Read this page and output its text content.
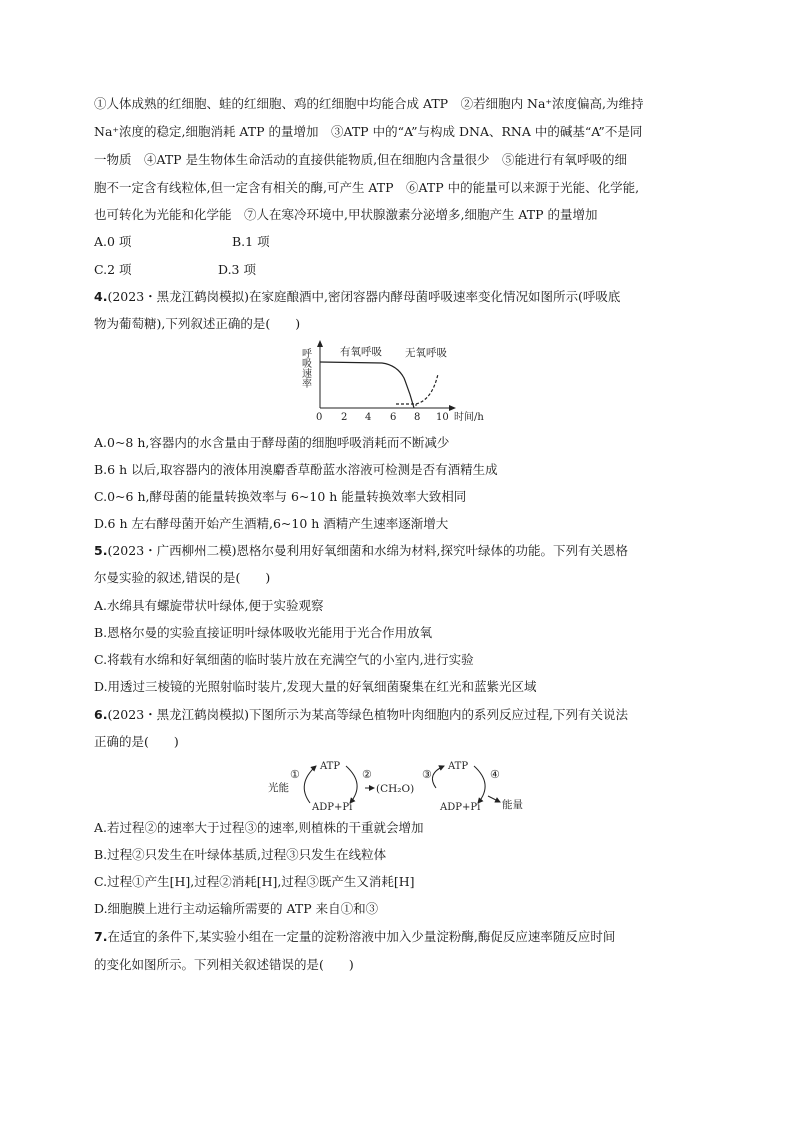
①人体成熟的红细胞、蛙的红细胞、鸡的红细胞中均能合成 ATP　②若细胞内 Na⁺浓度偏高,为维持
Na⁺浓度的稳定,细胞消耗 ATP 的量增加　③ATP 中的“A”与构成 DNA、RNA 中的碱基“A”不是同
一物质　④ATP 是生物体生命活动的直接供能物质,但在细胞内含量很少　⑤能进行有氧呼吸的细
胞不一定含有线粒体,但一定含有相关的酶,可产生 ATP　⑥ATP 中的能量可以来源于光能、化学能,
也可转化为光能和化学能　⑦人在寒冷环境中,甲状腺激素分泌增多,细胞产生 ATP 的量增加
A.0 项	B.1 项
C.2 项	D.3 项
4.(2023・黑龙江鹤岗模拟)在家庭酿酒中,密闭容器内酵母菌呼吸速率变化情况如图所示(呼吸底
物为葡萄糖),下列叙述正确的是(　　)
呼吸速率
0 2 4 6 8 10 时间/h
有氧呼吸 无氧呼吸
A.0~8 h,容器内的水含量由于酵母菌的细胞呼吸消耗而不断减少
B.6 h 以后,取容器内的液体用溴麝香草酚蓝水溶液可检测是否有酒精生成
C.0~6 h,酵母菌的能量转换效率与 6~10 h 能量转换效率大致相同
D.6 h 左右酵母菌开始产生酒精,6~10 h 酒精产生速率逐渐增大
5.(2023・广西柳州二模)恩格尔曼利用好氧细菌和水绵为材料,探究叶绿体的功能。下列有关恩格
尔曼实验的叙述,错误的是(　　)
A.水绵具有螺旋带状叶绿体,便于实验观察
B.恩格尔曼的实验直接证明叶绿体吸收光能用于光合作用放氧
C.将载有水绵和好氧细菌的临时装片放在充满空气的小室内,进行实验
D.用透过三棱镜的光照射临时装片,发现大量的好氧细菌聚集在红光和蓝紫光区域
6.(2023・黑龙江鹤岗模拟)下图所示为某高等绿色植物叶肉细胞内的系列反应过程,下列有关说法
正确的是(　　)
光能
ATP
ADP+Pi
①	②
(CH₂O)
ATP
ADP+Pi
③	④
能量
A.若过程②的速率大于过程③的速率,则植株的干重就会增加
B.过程②只发生在叶绿体基质,过程③只发生在线粒体
C.过程①产生[H],过程②消耗[H],过程③既产生又消耗[H]
D.细胞膜上进行主动运输所需要的 ATP 来自①和③
7.在适宜的条件下,某实验小组在一定量的淀粉溶液中加入少量淀粉酶,酶促反应速率随反应时间
的变化如图所示。下列相关叙述错误的是(　　)
